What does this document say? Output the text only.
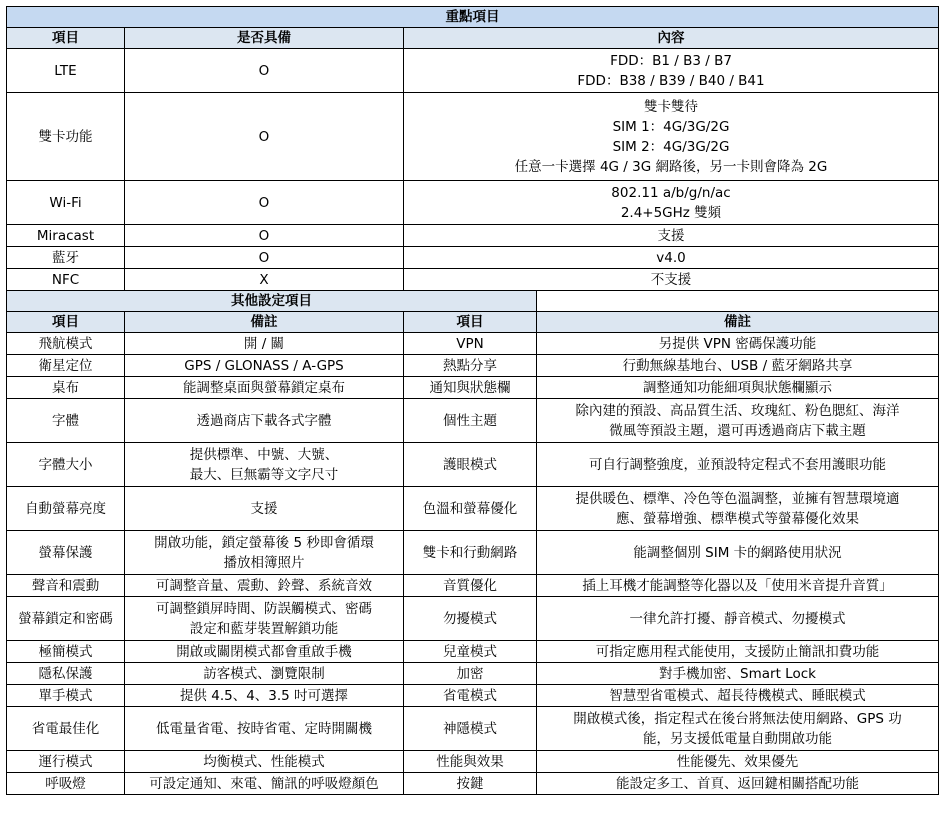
重點項目			
項目	是否具備	內容	
LTE	O	FDD：B1 / B3 / B7
FDD：B38 / B39 / B40 / B41	

雙卡功能	O	雙卡雙待
SIM 1：4G/3G/2G
SIM 2：4G/3G/2G
任意一卡選擇 4G / 3G 網路後，另一卡則會降為 2G	

Wi-Fi	O	802.11 a/b/g/n/ac
2.4+5GHz 雙頻	

Miracast	O	支援	

藍牙	O	v4.0	

NFC	X	不支援	

其他設定項目			
項目	備註	項目	備註
飛航模式	開 / 關	VPN	另提供 VPN 密碼保護功能

衛星定位	GPS / GLONASS / A-GPS	熱點分享	行動無線基地台、USB / 藍牙網路共享

桌布	能調整桌面與螢幕鎖定桌布	通知與狀態欄	調整通知功能細項與狀態欄顯示

字體	透過商店下載各式字體	個性主題	除內建的預設、高品質生活、玫瑰紅、粉色腮紅、海洋
微風等預設主題，還可再透過商店下載主題

字體大小	提供標準、中號、大號、
最大、巨無霸等文字尺寸	護眼模式	可自行調整強度，並預設特定程式不套用護眼功能

自動螢幕亮度	支援	色溫和螢幕優化	提供暖色、標準、冷色等色溫調整，並擁有智慧環境適
應、螢幕增強、標準模式等螢幕優化效果

螢幕保護	開啟功能，鎖定螢幕後 5 秒即會循環
播放相簿照片	雙卡和行動網路	能調整個別 SIM 卡的網路使用狀況

聲音和震動	可調整音量、震動、鈴聲、系統音效	音質優化	插上耳機才能調整等化器以及「使用米音提升音質」

螢幕鎖定和密碼	可調整鎖屏時間、防誤觸模式、密碼
設定和藍芽裝置解鎖功能	勿擾模式	一律允許打擾、靜音模式、勿擾模式

極簡模式	開啟或關閉模式都會重啟手機	兒童模式	可指定應用程式能使用，支援防止簡訊扣費功能

隱私保護	訪客模式、瀏覽限制	加密	對手機加密、Smart Lock

單手模式	提供 4.5、4、3.5 吋可選擇	省電模式	智慧型省電模式、超長待機模式、睡眠模式

省電最佳化	低電量省電、按時省電、定時開關機	神隱模式	開啟模式後，指定程式在後台將無法使用網路、GPS 功
能，另支援低電量自動開啟功能

運行模式	均衡模式、性能模式	性能與效果	性能優先、效果優先

呼吸燈	可設定通知、來電、簡訊的呼吸燈顏色	按鍵	能設定多工、首頁、返回鍵相關搭配功能
